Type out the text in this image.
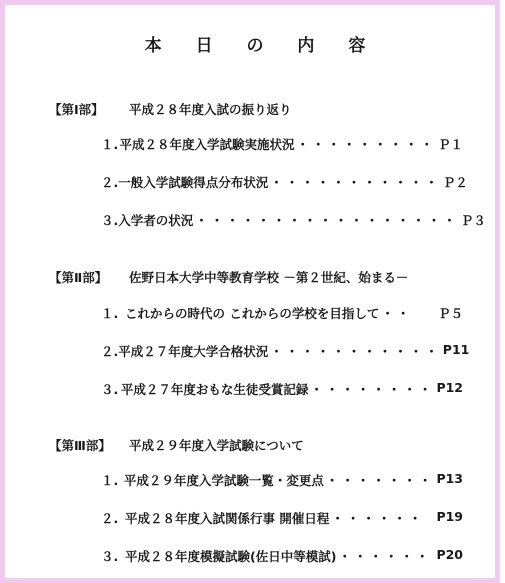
本 日 の 内 容
【第Ⅰ部】 平成２８年度入試の振り返り
１. 平成２８年度入学試験実施状況 ・・・・・・・・・ Ｐ１
２. 一般入学試験得点分布状況 ・・・・・・・・・・・ Ｐ２
３. 入学者の状況 ・・・・・・・・・・・・・・・・・ Ｐ３
【第Ⅱ部】 佐野日本大学中等教育学校 －第２世紀、始まる－
１. これからの時代の これからの学校を目指して ・・	Ｐ５
２. 平成２７年度大学合格状況 ・・・・・・・・・・・ P11
３. 平成２７年度おもな生徒受賞記録 ・・・・・・・・ P12
【第Ⅲ部】 平成２９年度入学試験について
１. 平成２９年度入学試験一覧・変更点 ・・・・・・・ P13
２. 平成２８年度入試関係行事 開催日程 ・・・・・・ P19
３. 平成２８年度模擬試験(佐日中等模試) ・・・・・・ P20
